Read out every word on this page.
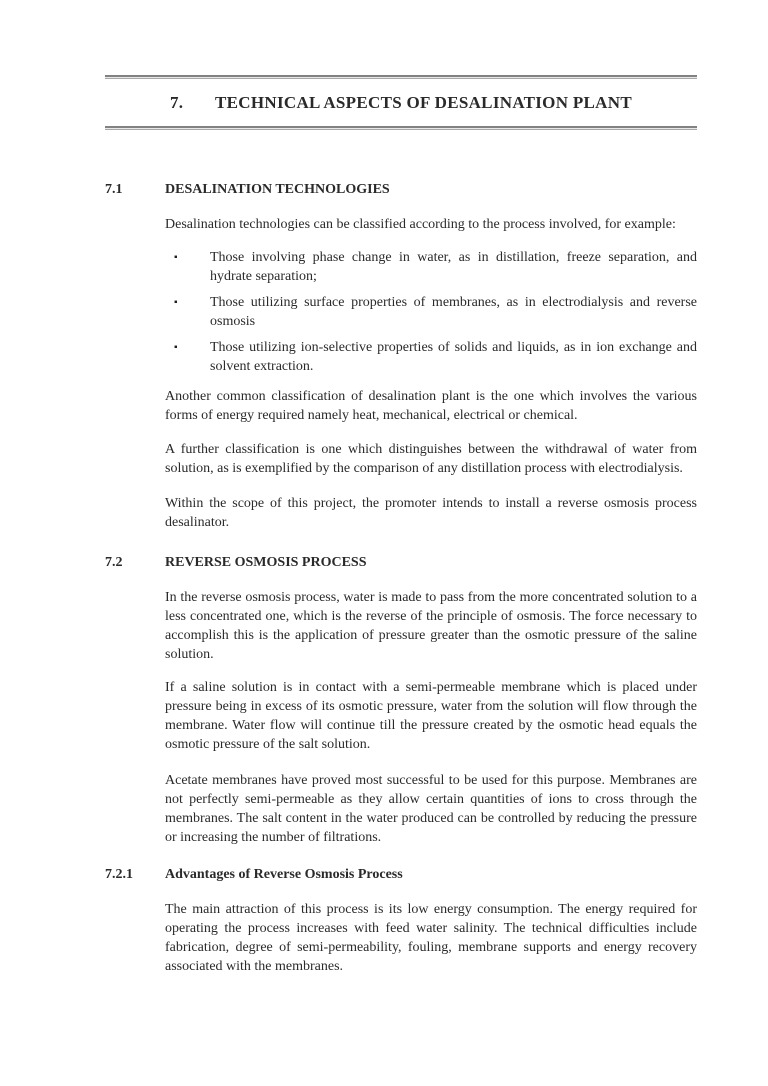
7.	TECHNICAL ASPECTS OF DESALINATION PLANT
7.1	DESALINATION TECHNOLOGIES

Desalination technologies can be classified according to the process involved, for example:

▪ Those involving phase change in water, as in distillation, freeze separation, and hydrate separation;
▪ Those utilizing surface properties of membranes, as in electrodialysis and reverse osmosis
▪ Those utilizing ion-selective properties of solids and liquids, as in ion exchange and solvent extraction.

Another common classification of desalination plant is the one which involves the various forms of energy required namely heat, mechanical, electrical or chemical.

A further classification is one which distinguishes between the withdrawal of water from solution, as is exemplified by the comparison of any distillation process with electrodialysis.

Within the scope of this project, the promoter intends to install a reverse osmosis process desalinator.

7.2	REVERSE OSMOSIS PROCESS

In the reverse osmosis process, water is made to pass from the more concentrated solution to a less concentrated one, which is the reverse of the principle of osmosis. The force necessary to accomplish this is the application of pressure greater than the osmotic pressure of the saline solution.

If a saline solution is in contact with a semi-permeable membrane which is placed under pressure being in excess of its osmotic pressure, water from the solution will flow through the membrane. Water flow will continue till the pressure created by the osmotic head equals the osmotic pressure of the salt solution.

Acetate membranes have proved most successful to be used for this purpose. Membranes are not perfectly semi-permeable as they allow certain quantities of ions to cross through the membranes. The salt content in the water produced can be controlled by reducing the pressure or increasing the number of filtrations.

7.2.1	Advantages of Reverse Osmosis Process

The main attraction of this process is its low energy consumption. The energy required for operating the process increases with feed water salinity. The technical difficulties include fabrication, degree of semi-permeability, fouling, membrane supports and energy recovery associated with the membranes.
